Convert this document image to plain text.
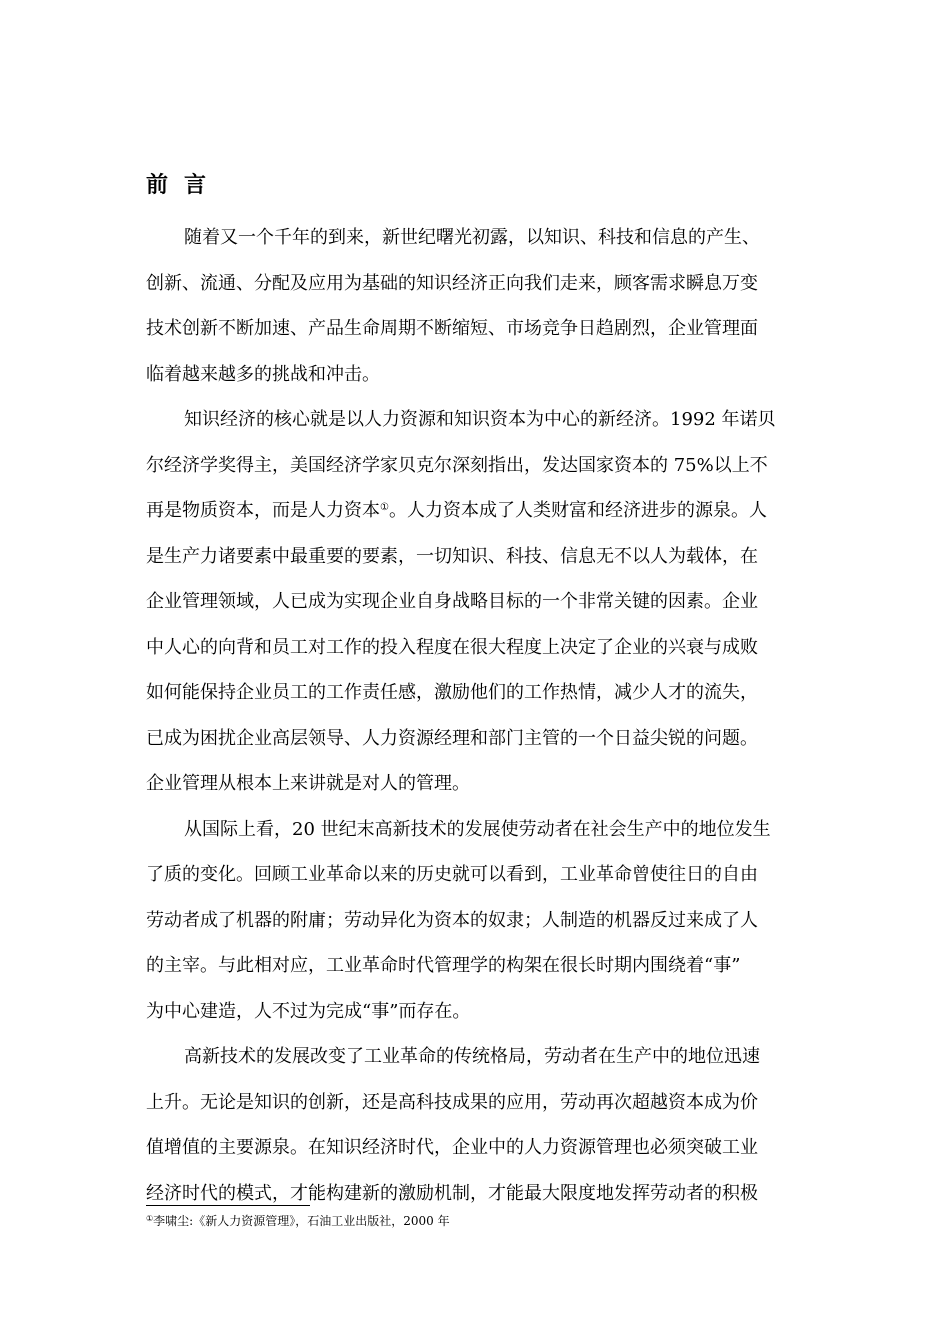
前言
随着又一个千年的到来，新世纪曙光初露，以知识、科技和信息的产生、
创新、流通、分配及应用为基础的知识经济正向我们走来，顾客需求瞬息万变
技术创新不断加速、产品生命周期不断缩短、市场竞争日趋剧烈，企业管理面
临着越来越多的挑战和冲击。
知识经济的核心就是以人力资源和知识资本为中心的新经济。1992 年诺贝
尔经济学奖得主，美国经济学家贝克尔深刻指出，发达国家资本的 75%以上不
再是物质资本，而是人力资本①。人力资本成了人类财富和经济进步的源泉。人
是生产力诸要素中最重要的要素，一切知识、科技、信息无不以人为载体，在
企业管理领域，人已成为实现企业自身战略目标的一个非常关键的因素。企业
中人心的向背和员工对工作的投入程度在很大程度上决定了企业的兴衰与成败
如何能保持企业员工的工作责任感，激励他们的工作热情，减少人才的流失，
已成为困扰企业高层领导、人力资源经理和部门主管的一个日益尖锐的问题。
企业管理从根本上来讲就是对人的管理。
从国际上看，20 世纪末高新技术的发展使劳动者在社会生产中的地位发生
了质的变化。回顾工业革命以来的历史就可以看到，工业革命曾使往日的自由
劳动者成了机器的附庸；劳动异化为资本的奴隶；人制造的机器反过来成了人
的主宰。与此相对应，工业革命时代管理学的构架在很长时期内围绕着“事”
为中心建造，人不过为完成“事”而存在。
高新技术的发展改变了工业革命的传统格局，劳动者在生产中的地位迅速
上升。无论是知识的创新，还是高科技成果的应用，劳动再次超越资本成为价
值增值的主要源泉。在知识经济时代，企业中的人力资源管理也必须突破工业
经济时代的模式，才能构建新的激励机制，才能最大限度地发挥劳动者的积极
①李啸尘:《新人力资源管理》，石油工业出版社，2000 年
